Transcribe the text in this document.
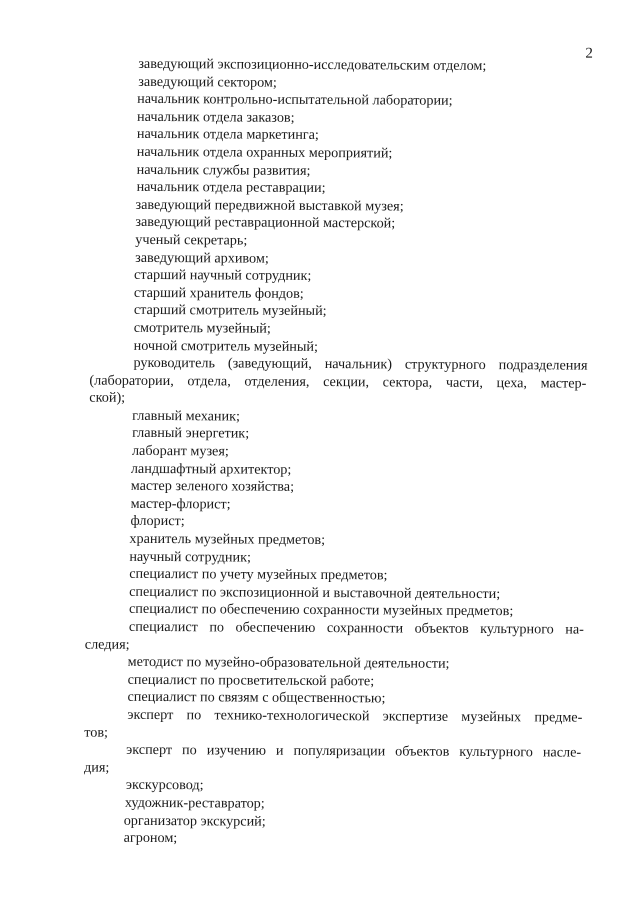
2
заведующий экспозиционно-исследовательским отделом;
заведующий сектором;
начальник контрольно-испытательной лаборатории;
начальник отдела заказов;
начальник отдела маркетинга;
начальник отдела охранных мероприятий;
начальник службы развития;
начальник отдела реставрации;
заведующий передвижной выставкой музея;
заведующий реставрационной мастерской;
ученый секретарь;
заведующий архивом;
старший научный сотрудник;
старший хранитель фондов;
старший смотритель музейный;
смотритель музейный;
ночной смотритель музейный;
руководитель (заведующий, начальник) структурного подразделения
(лаборатории, отдела, отделения, секции, сектора, части, цеха, мастер-
ской);
главный механик;
главный энергетик;
лаборант музея;
ландшафтный архитектор;
мастер зеленого хозяйства;
мастер-флорист;
флорист;
хранитель музейных предметов;
научный сотрудник;
специалист по учету музейных предметов;
специалист по экспозиционной и выставочной деятельности;
специалист по обеспечению сохранности музейных предметов;
специалист по обеспечению сохранности объектов культурного на-
следия;
методист по музейно-образовательной деятельности;
специалист по просветительской работе;
специалист по связям с общественностью;
эксперт по технико-технологической экспертизе музейных предме-
тов;
эксперт по изучению и популяризации объектов культурного насле-
дия;
экскурсовод;
художник-реставратор;
организатор экскурсий;
агроном;
